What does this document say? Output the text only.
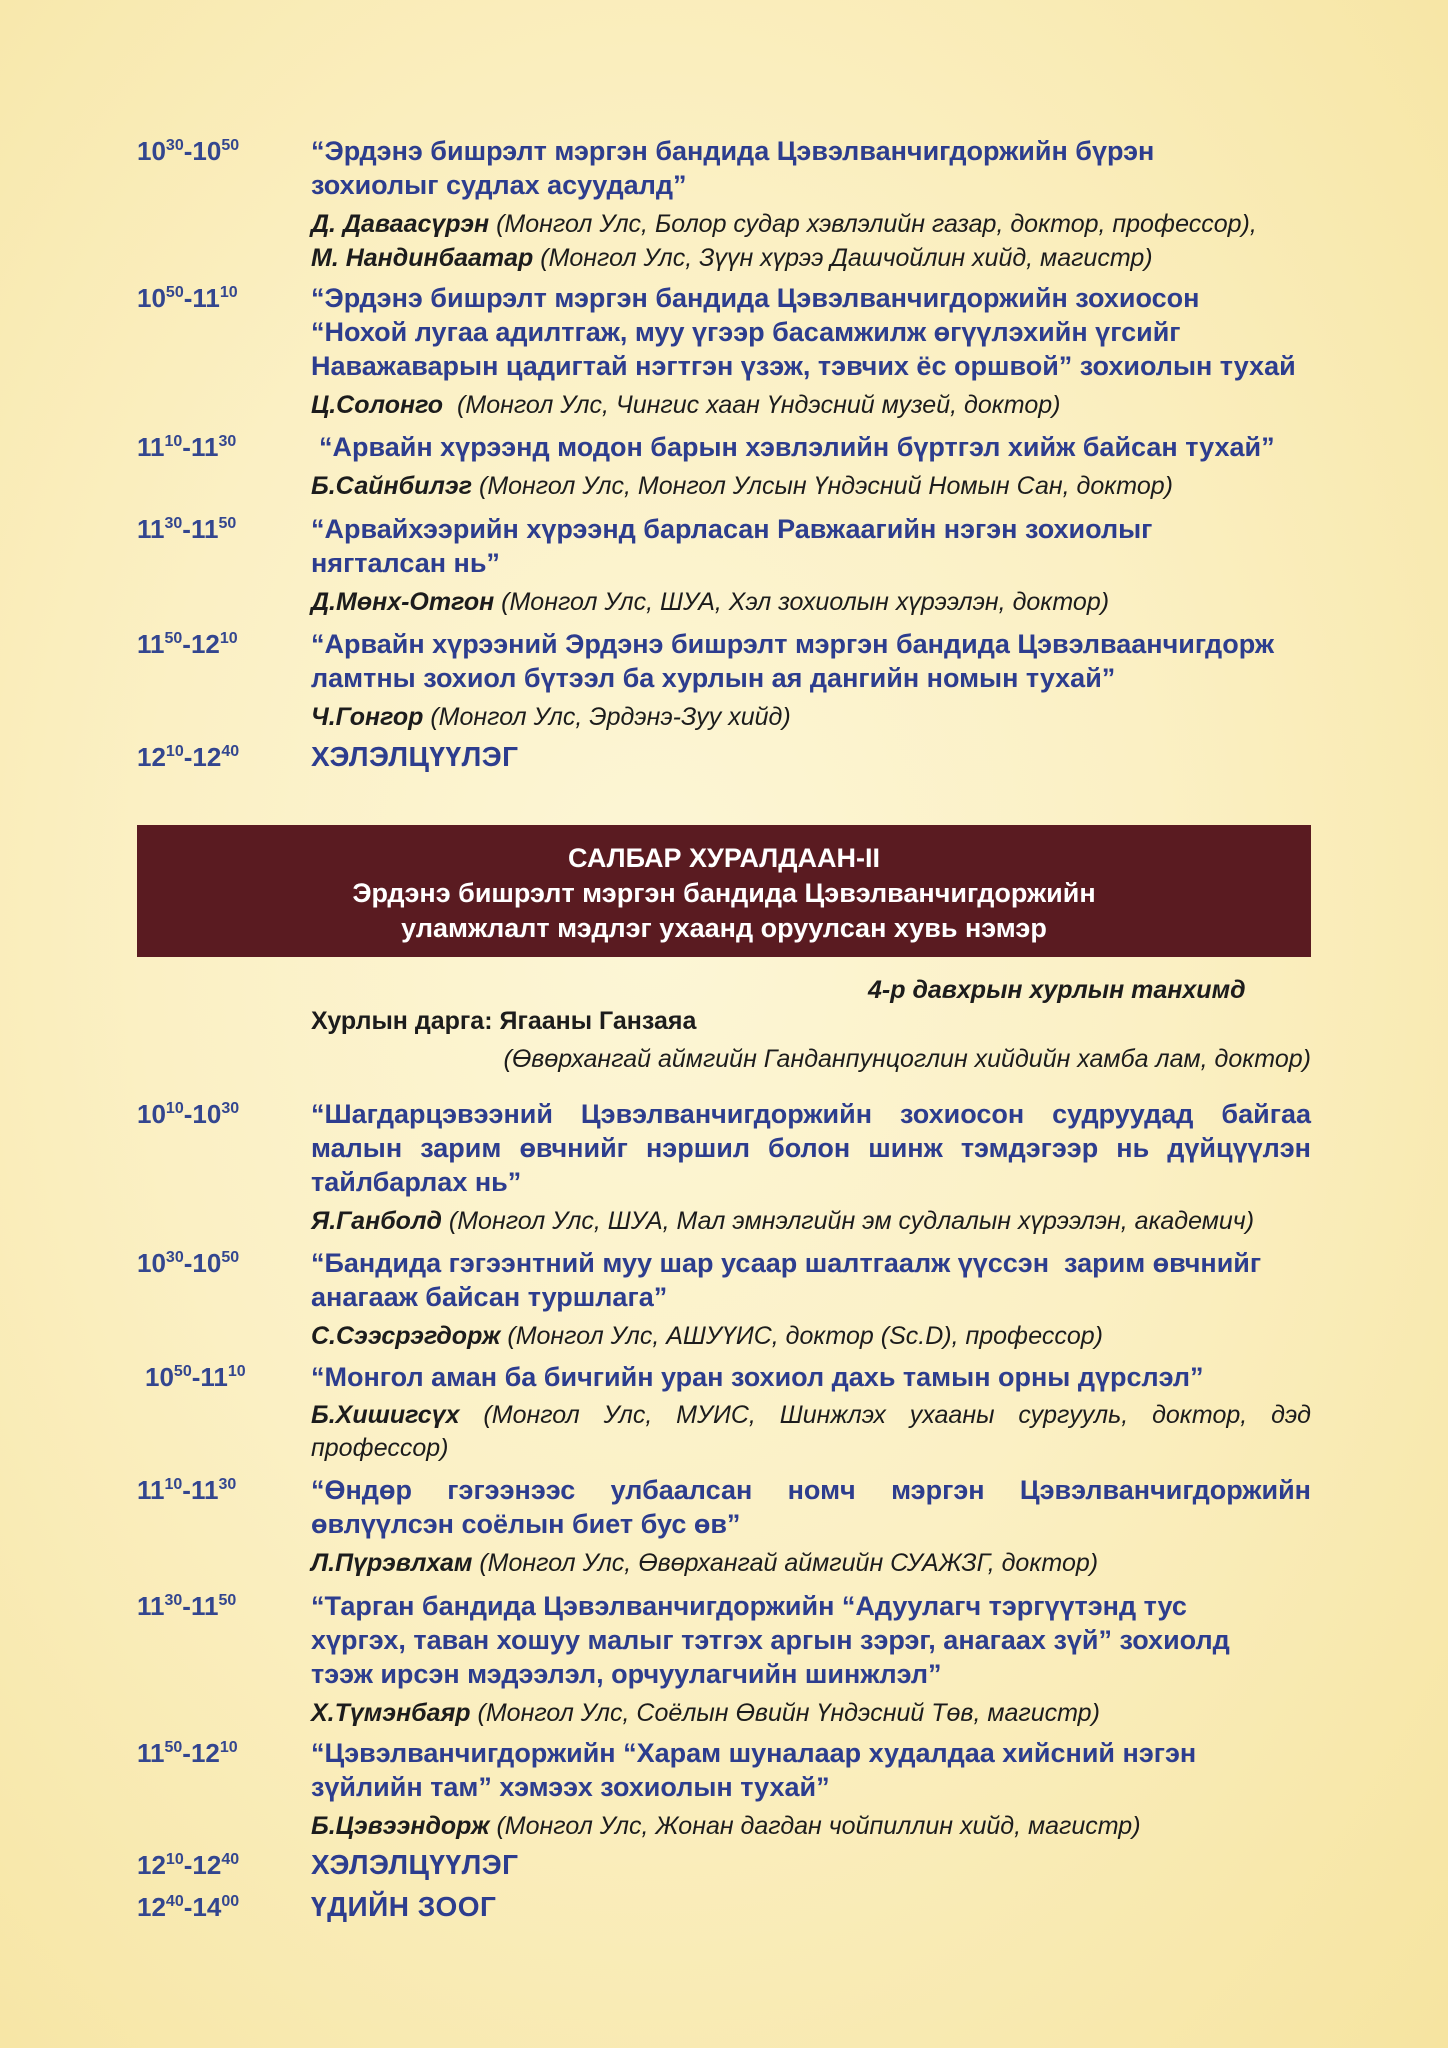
$10^{30}-10^{50}$	“Эрдэнэ бишрэлт мэргэн бандида Цэвэлванчигдоржийн бүрэн
зохиолыг судлах асуудалд”
Д. Даваасүрэн (Монгол Улс, Болор судар хэвлэлийн газар, доктор, профессор),
М. Нандинбаатар (Монгол Улс, Зүүн хүрээ Дашчойлин хийд, магистр)
$10^{50}-11^{10}$	“Эрдэнэ бишрэлт мэргэн бандида Цэвэлванчигдоржийн зохиосон
“Нохой лугаа адилтгаж, муу үгээр басамжилж өгүүлэхийн үгсийг
Наважаварын цадигтай нэгтгэн үзэж, тэвчих ёс оршвой” зохиолын тухай
Ц.Солонго (Монгол Улс, Чингис хаан Үндэсний музей, доктор)
$11^{10}-11^{30}$	“Арвайн хүрээнд модон барын хэвлэлийн бүртгэл хийж байсан тухай”
Б.Сайнбилэг (Монгол Улс, Монгол Улсын Үндэсний Номын Сан, доктор)
$11^{30}-11^{50}$	“Арвайхээрийн хүрээнд барласан Равжаагийн нэгэн зохиолыг
нягталсан нь”
Д.Мөнх-Отгон (Монгол Улс, ШУА, Хэл зохиолын хүрээлэн, доктор)
$11^{50}-12^{10}$	“Арвайн хүрээний Эрдэнэ бишрэлт мэргэн бандида Цэвэлваанчигдорж
ламтны зохиол бүтээл ба хурлын ая дангийн номын тухай”
Ч.Гонгор (Монгол Улс, Эрдэнэ-Зуу хийд)
$12^{10}-12^{40}$	ХЭЛЭЛЦҮҮЛЭГ
САЛБАР ХУРАЛДААН-II
Эрдэнэ бишрэлт мэргэн бандида Цэвэлванчигдоржийн
уламжлалт мэдлэг ухаанд оруулсан хувь нэмэр
4-р давхрын хурлын танхимд
Хурлын дарга: Ягааны Ганзаяа
(Өвөрхангай аймгийн Ганданпунцоглин хийдийн хамба лам, доктор)
$10^{10}-10^{30}$	“Шагдарцэвээний Цэвэлванчигдоржийн зохиосон судруудад байгаа
малын зарим өвчнийг нэршил болон шинж тэмдэгээр нь дүйцүүлэн
тайлбарлах нь”
Я.Ганболд (Монгол Улс, ШУА, Мал эмнэлгийн эм судлалын хүрээлэн, академич)
$10^{30}-10^{50}$	“Бандида гэгээнтний муу шар усаар шалтгаалж үүссэн  зарим өвчнийг
анагааж байсан туршлага”
С.Сээсрэгдорж (Монгол Улс, АШУҮИС, доктор (Sc.D), профессор)
$10^{50}-11^{10}$ “Монгол аман ба бичгийн уран зохиол дахь тамын орны дүрслэл”
Б.Хишигсүх (Монгол Улс, МУИС, Шинжлэх ухааны сургууль, доктор, дэд
профессор)
$11^{10}-11^{30}$	“Өндөр гэгээнээс улбаалсан номч мэргэн Цэвэлванчигдоржийн
өвлүүлсэн соёлын биет бус өв”
Л.Пүрэвлхам (Монгол Улс, Өвөрхангай аймгийн СУАЖЗГ, доктор)
$11^{30}-11^{50}$	“Тарган бандида Цэвэлванчигдоржийн “Адуулагч тэргүүтэнд тус
хүргэх, таван хошуу малыг тэтгэх аргын зэрэг, анагаах зүй” зохиолд
тээж ирсэн мэдээлэл, орчуулагчийн шинжлэл”
Х.Түмэнбаяр (Монгол Улс, Соёлын Өвийн Үндэсний Төв, магистр)
$11^{50}-12^{10}$	“Цэвэлванчигдоржийн “Харам шуналаар худалдаа хийсний нэгэн
зүйлийн там” хэмээх зохиолын тухай”
Б.Цэвээндорж (Монгол Улс, Жонан дагдан чойпиллин хийд, магистр)
$12^{10}-12^{40}$	ХЭЛЭЛЦҮҮЛЭГ
$12^{40}-14^{00}$	ҮДИЙН ЗООГ
